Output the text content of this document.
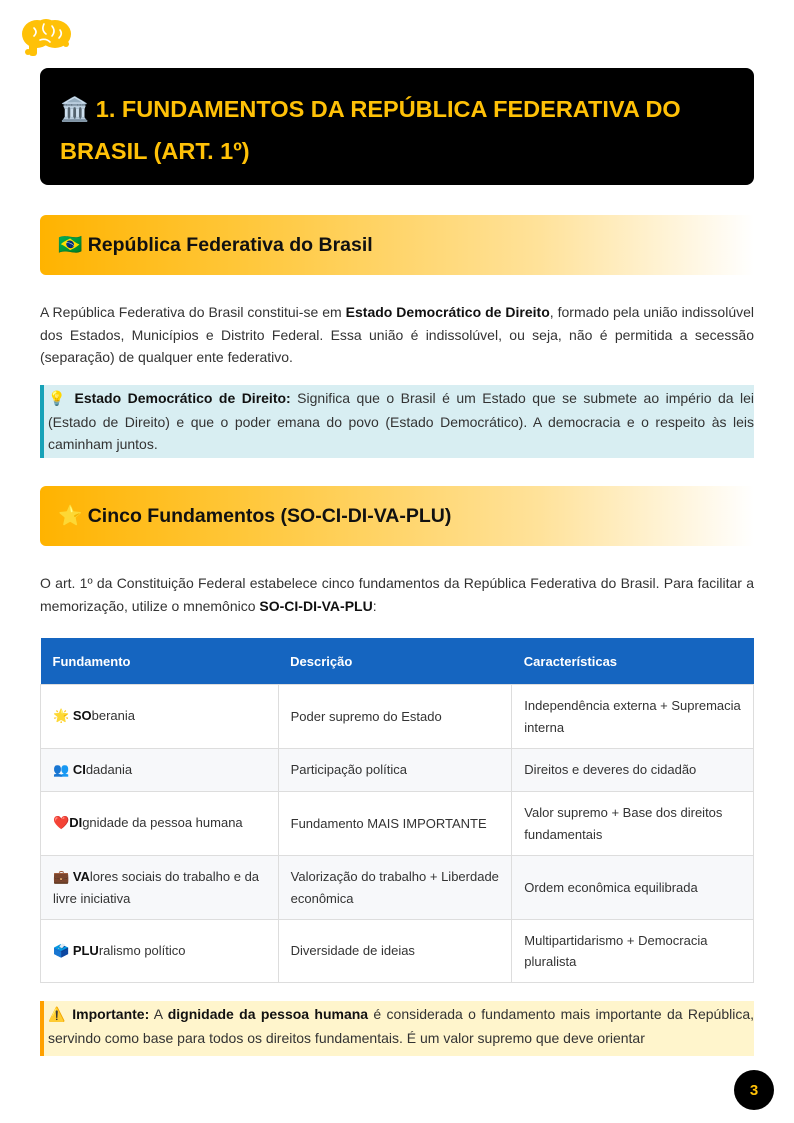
🏛️ 1. FUNDAMENTOS DA REPÚBLICA FEDERATIVA DO BRASIL (ART. 1º)
🇧🇷 República Federativa do Brasil

A República Federativa do Brasil constitui-se em Estado Democrático de Direito, formado pela união indissolúvel dos Estados, Municípios e Distrito Federal. Essa união é indissolúvel, ou seja, não é permitida a secessão (separação) de qualquer ente federativo.

💡 Estado Democrático de Direito: Significa que o Brasil é um Estado que se submete ao império da lei (Estado de Direito) e que o poder emana do povo (Estado Democrático). A democracia e o respeito às leis caminham juntos.
⭐ Cinco Fundamentos (SO-CI-DI-VA-PLU)

O art. 1º da Constituição Federal estabelece cinco fundamentos da República Federativa do Brasil. Para facilitar a memorização, utilize o mnemônico SO-CI-DI-VA-PLU:

Fundamento	Descrição	Características
🌟 SOberania	Poder supremo do Estado	Independência externa + Supremacia interna
👥 CIdadania	Participação política	Direitos e deveres do cidadão
❤️DIgnidade da pessoa humana	Fundamento MAIS IMPORTANTE	Valor supremo + Base dos direitos fundamentais
💼 VAlores sociais do trabalho e da livre iniciativa	Valorização do trabalho + Liberdade econômica	Ordem econômica equilibrada
🗳️ PLUralismo político	Diversidade de ideias	Multipartidarismo + Democracia pluralista
⚠️ Importante: A dignidade da pessoa humana é considerada o fundamento mais importante da República, servindo como base para todos os direitos fundamentais. É um valor supremo que deve orientar
3
